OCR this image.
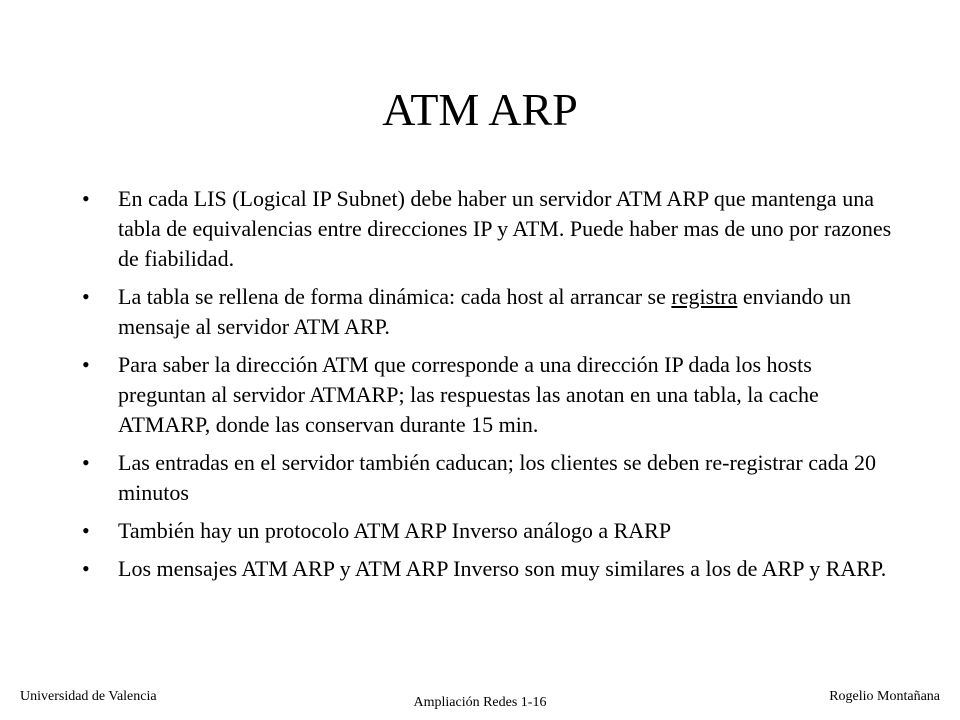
ATM ARP
•	En cada LIS (Logical IP Subnet) debe haber un servidor ATM ARP que mantenga una tabla de equivalencias entre direcciones IP y ATM. Puede haber mas de uno por razones de fiabilidad.
•	La tabla se rellena de forma dinámica: cada host al arrancar se registra enviando un mensaje al servidor ATM ARP.
•	Para saber la dirección ATM que corresponde a una dirección IP dada los hosts preguntan al servidor ATMARP; las respuestas las anotan en una tabla, la cache ATMARP, donde las conservan durante 15 min.
•	Las entradas en el servidor también caducan; los clientes se deben re-registrar cada 20 minutos
•	También hay un protocolo ATM ARP Inverso análogo a RARP
•	Los mensajes ATM ARP y ATM ARP Inverso son muy similares a los de ARP y RARP.
Universidad de Valencia	Ampliación Redes 1-16	Rogelio Montañana
